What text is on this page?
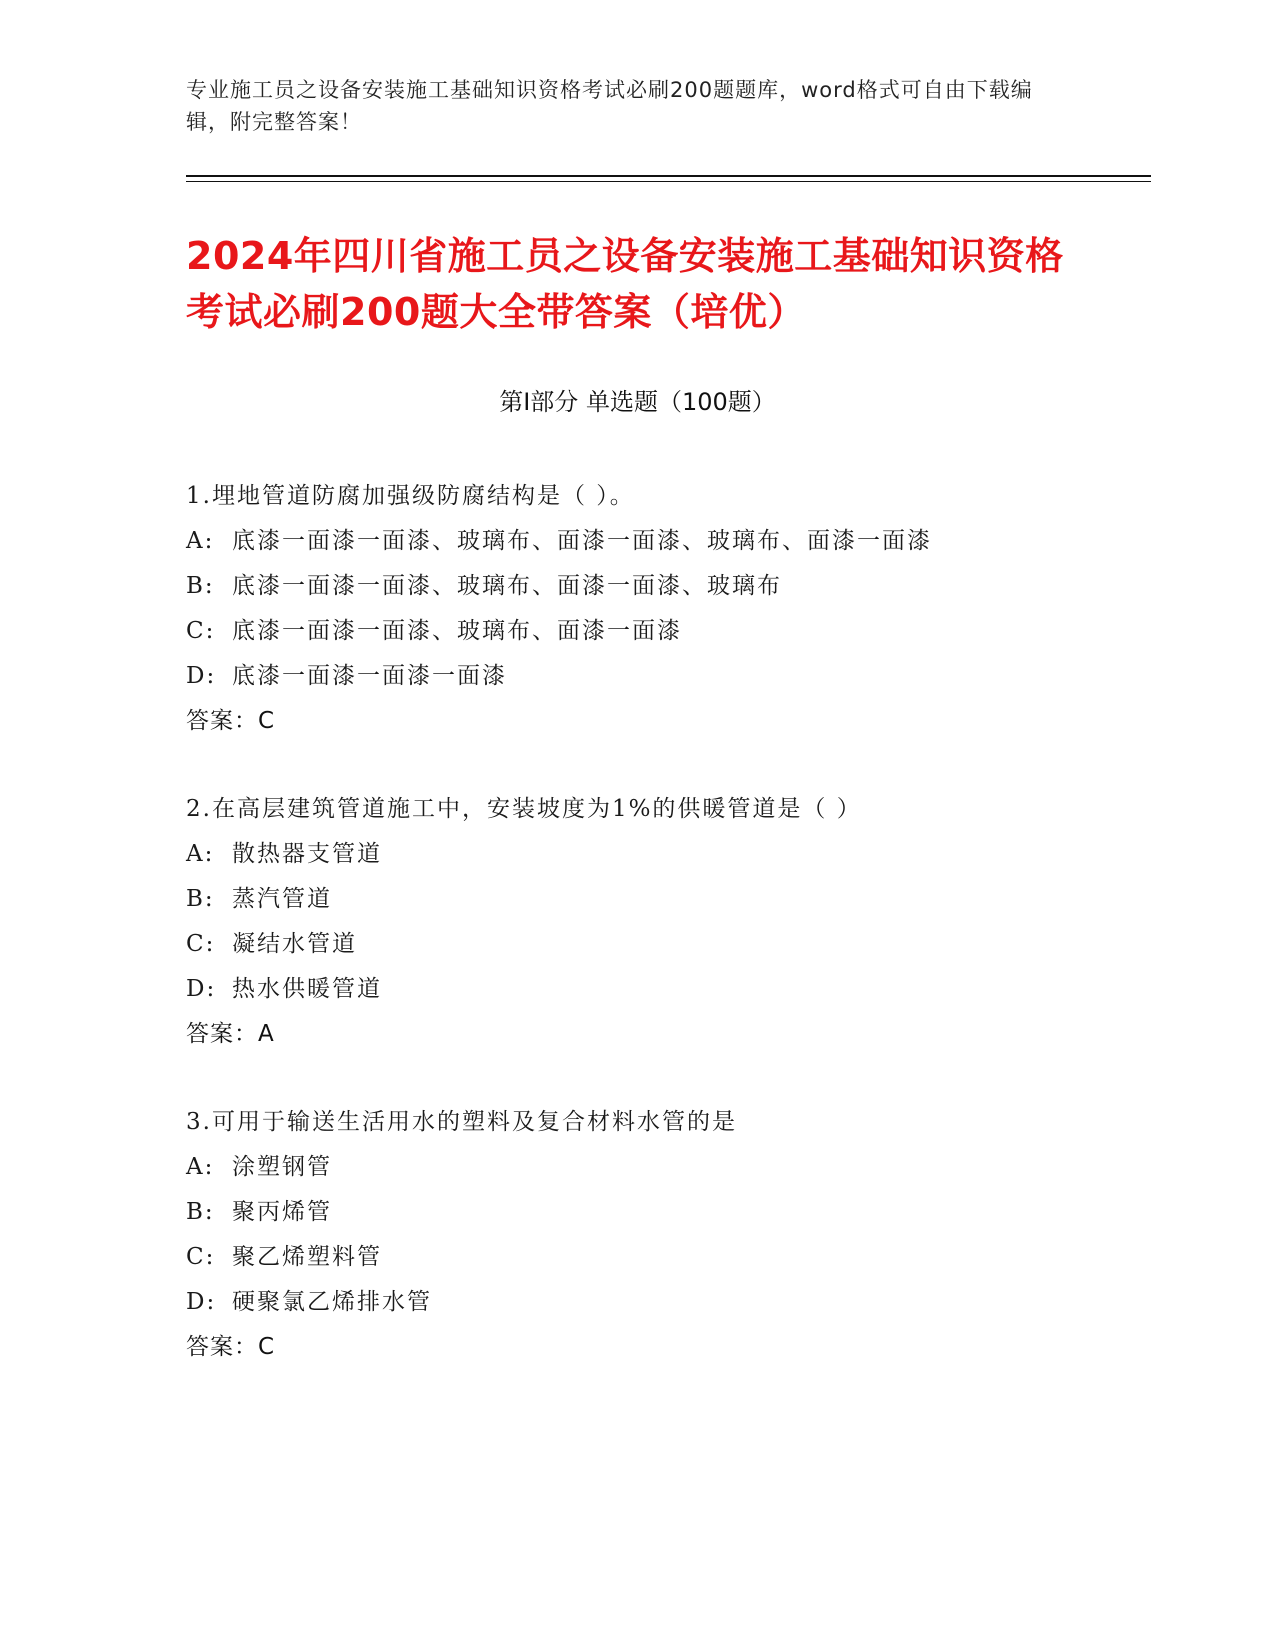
专业施工员之设备安装施工基础知识资格考试必刷200题题库，word格式可自由下载编辑，附完整答案！
2024年四川省施工员之设备安装施工基础知识资格考试必刷200题大全带答案（培优）
第Ⅰ部分 单选题（100题）
1.埋地管道防腐加强级防腐结构是（ ）。
A: 底漆一面漆一面漆、玻璃布、面漆一面漆、玻璃布、面漆一面漆
B: 底漆一面漆一面漆、玻璃布、面漆一面漆、玻璃布
C: 底漆一面漆一面漆、玻璃布、面漆一面漆
D: 底漆一面漆一面漆一面漆
答案：C
2.在高层建筑管道施工中，安装坡度为1%的供暖管道是（ ）
A: 散热器支管道
B: 蒸汽管道
C: 凝结水管道
D: 热水供暖管道
答案：A
3.可用于输送生活用水的塑料及复合材料水管的是
A: 涂塑钢管
B: 聚丙烯管
C: 聚乙烯塑料管
D: 硬聚氯乙烯排水管
答案：C
